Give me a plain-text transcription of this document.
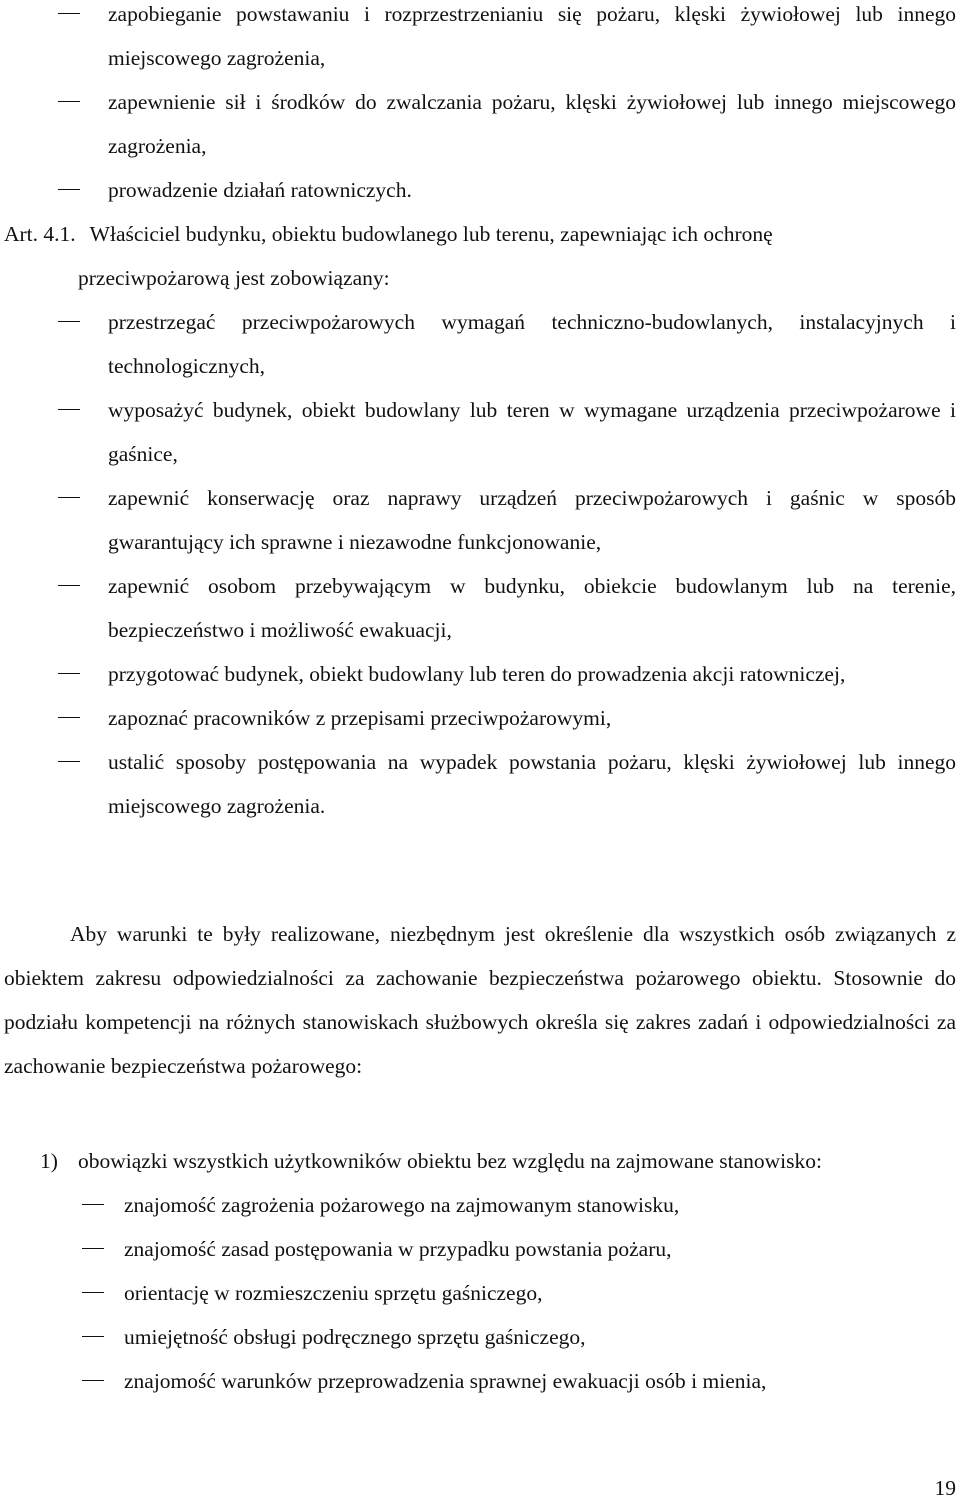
zapobieganie powstawaniu i rozprzestrzenianiu się pożaru, klęski żywiołowej lub innego miejscowego zagrożenia,
zapewnienie sił i środków do zwalczania pożaru, klęski żywiołowej lub innego miejscowego zagrożenia,
prowadzenie działań ratowniczych.
Art. 4.1. Właściciel budynku, obiektu budowlanego lub terenu, zapewniając ich ochronę
przeciwpożarową jest zobowiązany:
przestrzegać przeciwpożarowych wymagań techniczno-budowlanych, instalacyjnych i technologicznych,
wyposażyć budynek, obiekt budowlany lub teren w wymagane urządzenia przeciwpożarowe i gaśnice,
zapewnić konserwację oraz naprawy urządzeń przeciwpożarowych i gaśnic w sposób gwarantujący ich sprawne i niezawodne funkcjonowanie,
zapewnić osobom przebywającym w budynku, obiekcie budowlanym lub na terenie, bezpieczeństwo i możliwość ewakuacji,
przygotować budynek, obiekt budowlany lub teren do prowadzenia akcji ratowniczej,
zapoznać pracowników z przepisami przeciwpożarowymi,
ustalić sposoby postępowania na wypadek powstania pożaru, klęski żywiołowej lub innego miejscowego zagrożenia.

Aby warunki te były realizowane, niezbędnym jest określenie dla wszystkich osób związanych z obiektem zakresu odpowiedzialności za zachowanie bezpieczeństwa pożarowego obiektu. Stosownie do podziału kompetencji na różnych stanowiskach służbowych określa się zakres zadań i odpowiedzialności za zachowanie bezpieczeństwa pożarowego:

1) obowiązki wszystkich użytkowników obiektu bez względu na zajmowane stanowisko:
znajomość zagrożenia pożarowego na zajmowanym stanowisku,
znajomość zasad postępowania w przypadku powstania pożaru,
orientację w rozmieszczeniu sprzętu gaśniczego,
umiejętność obsługi podręcznego sprzętu gaśniczego,
znajomość warunków przeprowadzenia sprawnej ewakuacji osób i mienia,
19
